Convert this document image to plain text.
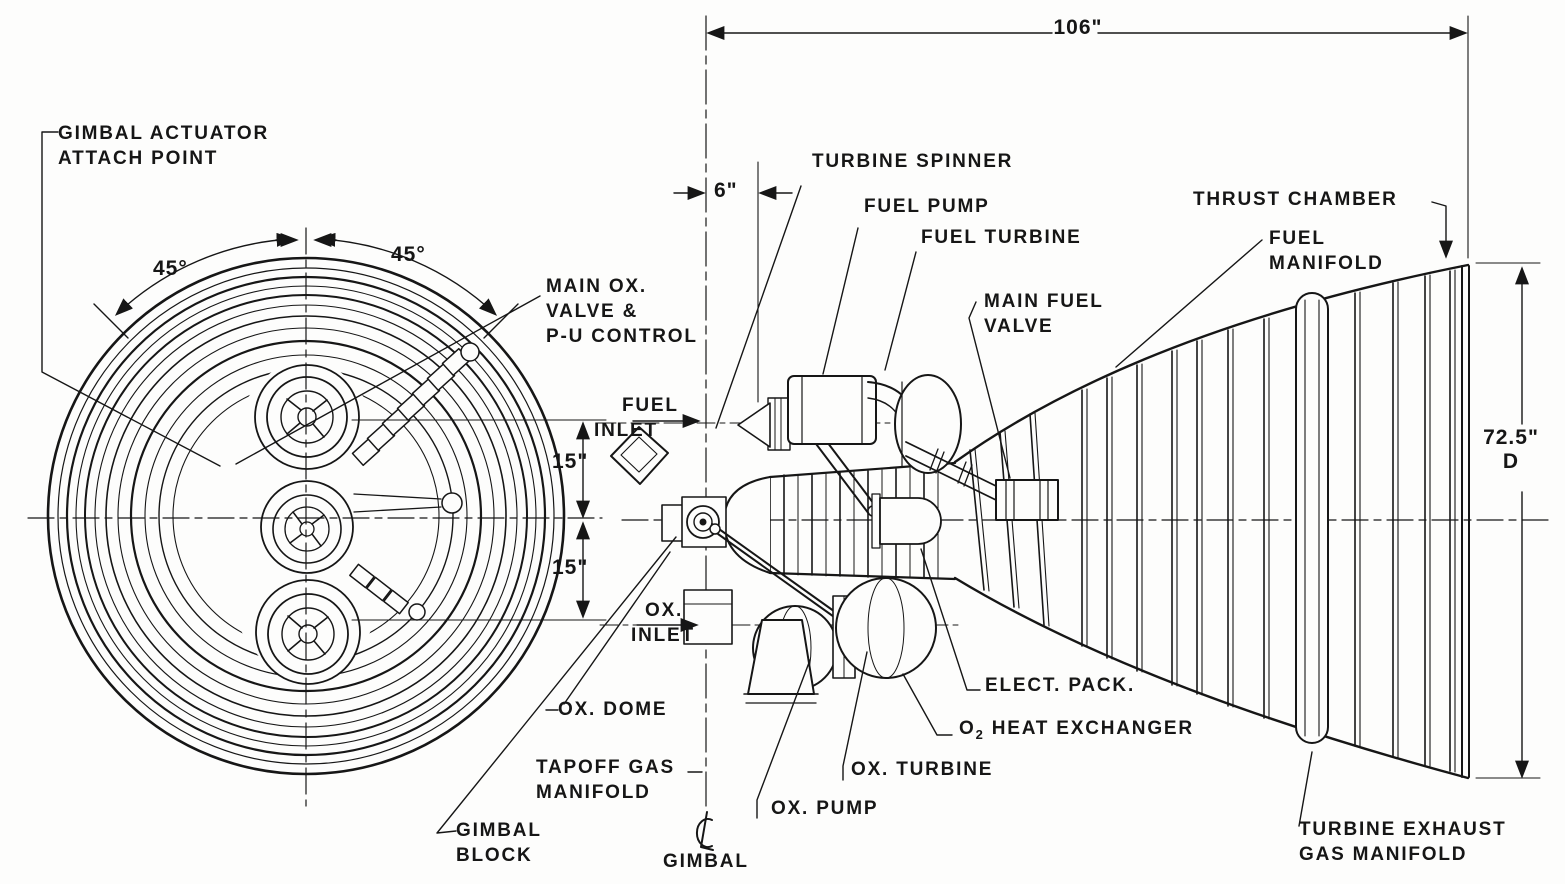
GIMBAL ACTUATOR
ATTACH POINT
45°
45°
MAIN OX.
VALVE &
P-U CONTROL
106"
6"
TURBINE SPINNER
FUEL PUMP
FUEL TURBINE
MAIN FUEL
VALVE
THRUST CHAMBER
FUEL
MANIFOLD
FUEL
INLET
15"
15"
OX.
INLET
OX. DOME
TAPOFF GAS
MANIFOLD
GIMBAL
BLOCK	GIMBAL
OX. PUMP
OX. TURBINE
$O_2$ HEAT EXCHANGER
ELECT. PACK.
TURBINE EXHAUST
GAS MANIFOLD
72.5"
D
